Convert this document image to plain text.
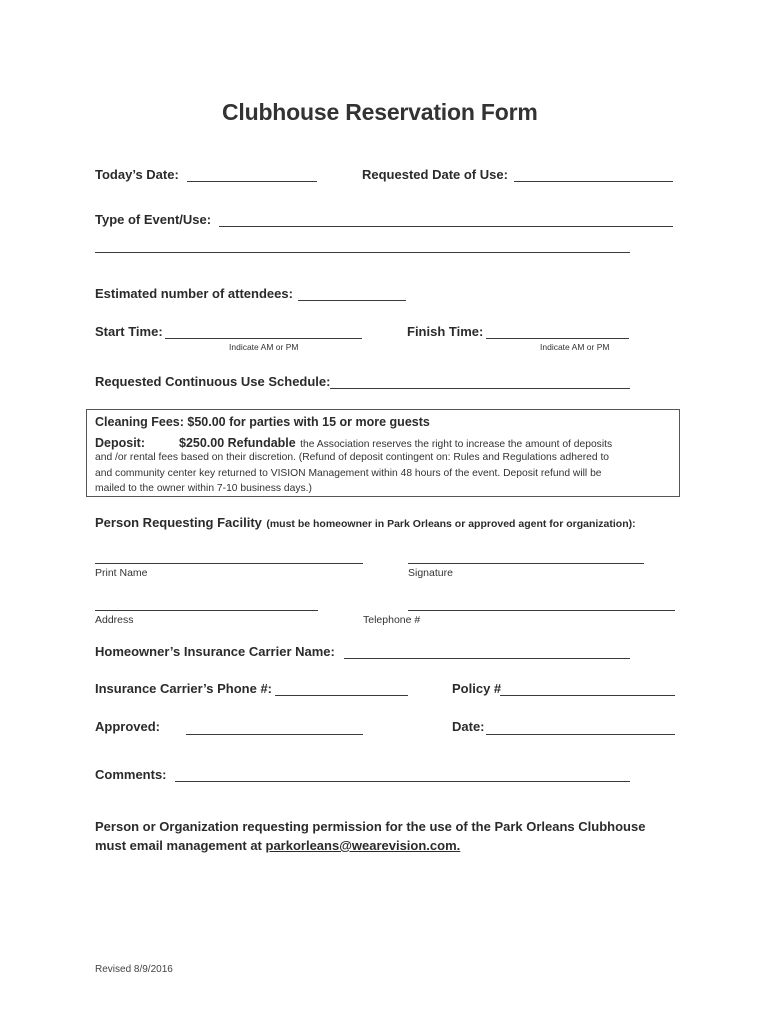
Clubhouse Reservation Form
Today’s Date:	Requested Date of Use:
Type of Event/Use:
Estimated number of attendees:
Start Time:
Indicate AM or PM
Finish Time:
Indicate AM or PM
Requested Continuous Use Schedule:
Cleaning Fees: $50.00 for parties with 15 or more guests
Deposit:	$250.00 Refundable the Association reserves the right to increase the amount of deposits
and /or rental fees based on their discretion. (Refund of deposit contingent on: Rules and Regulations adhered to
and community center key returned to VISION Management within 48 hours of the event. Deposit refund will be
mailed to the owner within 7-10 business days.)
Person Requesting Facility (must be homeowner in Park Orleans or approved agent for organization):
Print Name	Signature
Address	Telephone #
Homeowner’s Insurance Carrier Name:
Insurance Carrier’s Phone #:	Policy #
Approved:	Date:
Comments:
Person or Organization requesting permission for the use of the Park Orleans Clubhouse
must email management at parkorleans@wearevision.com.
Revised 8/9/2016
